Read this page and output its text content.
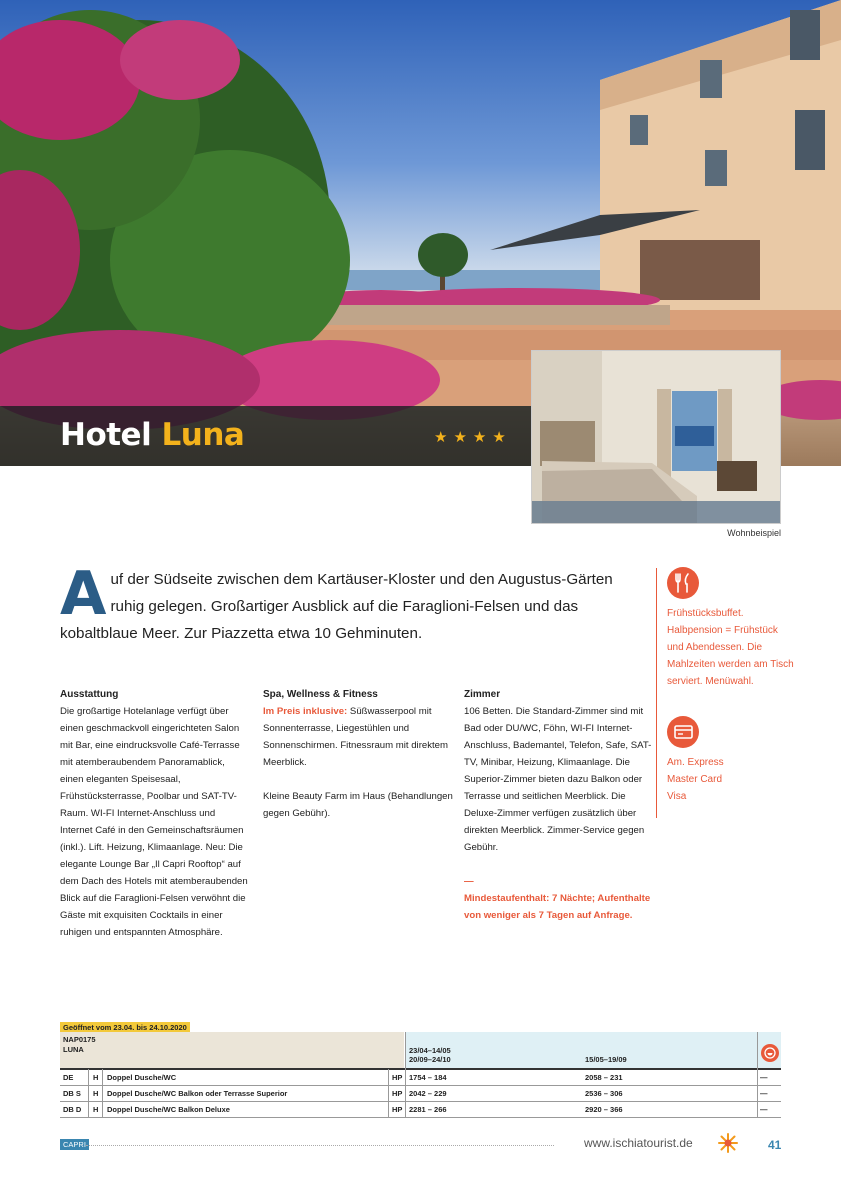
Hotel Luna	★★★★
Wohnbeispiel
Auf der Südseite zwischen dem Kartäuser-Kloster und den Augustus-Gärten ruhig gelegen. Großartiger Ausblick auf die Faraglioni-Felsen und das kobaltblaue Meer. Zur Piazzetta etwa 10 Gehminuten.
Frühstücksbuffet. Halbpension = Frühstück und Abendessen. Die Mahlzeiten werden am Tisch serviert. Menüwahl.
Am. Express
Master Card
Visa
Ausstattung

Die großartige Hotelanlage verfügt über einen geschmackvoll eingerichteten Salon mit Bar, eine eindrucksvolle Café-Terrasse mit atemberaubendem Panoramablick, einen eleganten Speisesaal, Frühstücksterrasse, Poolbar und SAT-TV-Raum. WI-FI Internet-Anschluss und Internet Café in den Gemeinschaftsräumen (inkl.). Lift. Heizung, Klimaanlage. Neu: Die elegante Lounge Bar „Il Capri Rooftop“ auf dem Dach des Hotels mit atemberaubenden Blick auf die Faraglioni-Felsen verwöhnt die Gäste mit exquisiten Cocktails in einer ruhigen und entspannten Atmosphäre.

Spa, Wellness & Fitness

Im Preis inklusive: Süßwasserpool mit Sonnenterrasse, Liegestühlen und Sonnenschirmen. Fitnessraum mit direktem Meerblick.

Kleine Beauty Farm im Haus (Behandlungen gegen Gebühr).

Zimmer

106 Betten. Die Standard-Zimmer sind mit Bad oder DU/WC, Föhn, WI-FI Internet-Anschluss, Bademantel, Telefon, Safe, SAT-TV, Minibar, Heizung, Klimaanlage. Die Superior-Zimmer bieten dazu Balkon oder Terrasse und seitlichen Meerblick. Die Deluxe-Zimmer verfügen zusätzlich über direkten Meerblick. Zimmer-Service gegen Gebühr.

—

Mindestaufenthalt: 7 Nächte; Aufenthalte von weniger als 7 Tagen auf Anfrage.

Geöffnet vom 23.04. bis 24.10.2020
NAP0175
LUNA	23/04–14/05
20/09–24/10	15/05–19/09
DE	H Doppel Dusche/WC	HP 1754 – 184	2058 – 231	—
DB S H Doppel Dusche/WC Balkon oder Terrasse Superior	HP 2042 – 229	2536 – 306	—
DB D H Doppel Dusche/WC Balkon Deluxe	HP 2281 – 266	2920 – 366	—
CAPRI	www.ischiatourist.de	41
